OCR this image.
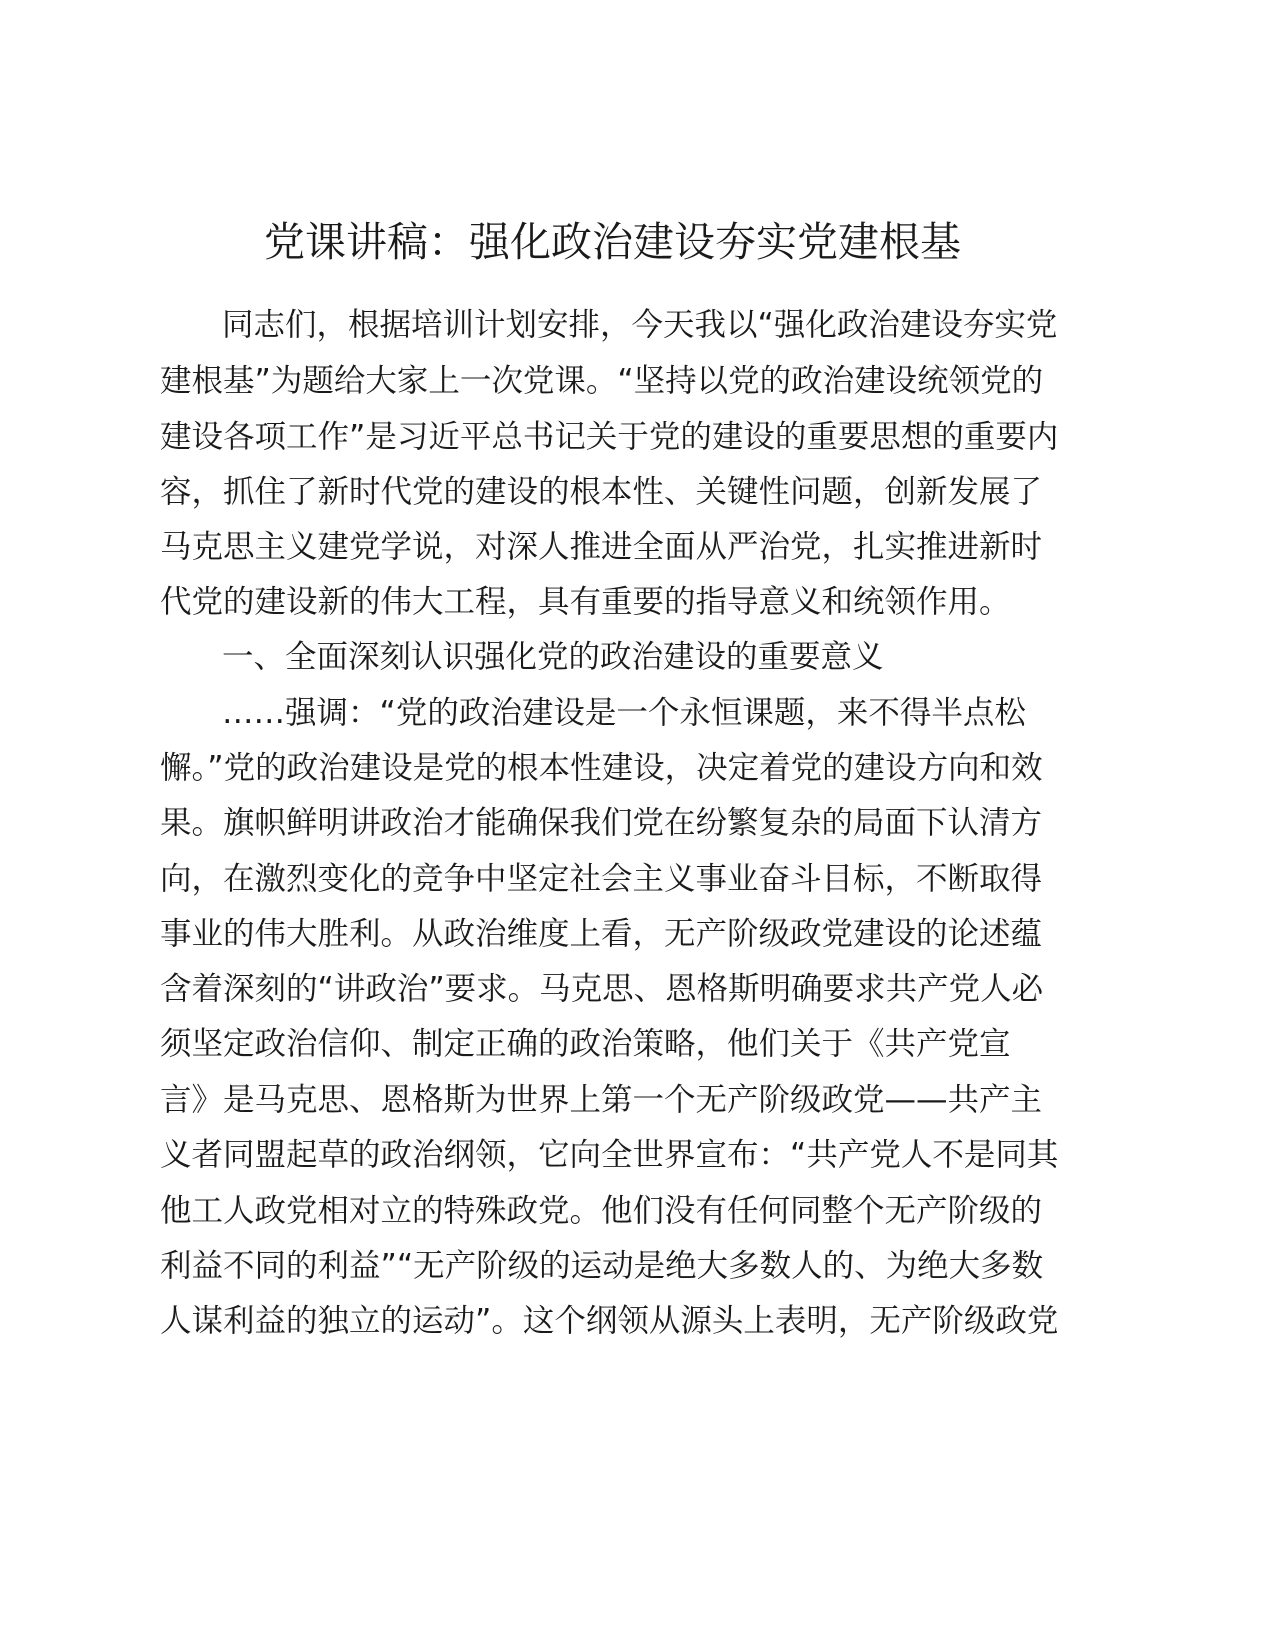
党课讲稿：强化政治建设夯实党建根基
同志们，根据培训计划安排，今天我以“强化政治建设夯实党
建根基”为题给大家上一次党课。“坚持以党的政治建设统领党的
建设各项工作”是习近平总书记关于党的建设的重要思想的重要内
容，抓住了新时代党的建设的根本性、关键性问题，创新发展了
马克思主义建党学说，对深人推进全面从严治党，扎实推进新时
代党的建设新的伟大工程，具有重要的指导意义和统领作用。
一、全面深刻认识强化党的政治建设的重要意义
……强调：“党的政治建设是一个永恒课题，来不得半点松
懈。”党的政治建设是党的根本性建设，决定着党的建设方向和效
果。旗帜鲜明讲政治才能确保我们党在纷繁复杂的局面下认清方
向，在激烈变化的竞争中坚定社会主义事业奋斗目标，不断取得
事业的伟大胜利。从政治维度上看，无产阶级政党建设的论述蕴
含着深刻的“讲政治”要求。马克思、恩格斯明确要求共产党人必
须坚定政治信仰、制定正确的政治策略，他们关于《共产党宣
言》是马克思、恩格斯为世界上第一个无产阶级政党——共产主
义者同盟起草的政治纲领，它向全世界宣布：“共产党人不是同其
他工人政党相对立的特殊政党。他们没有任何同整个无产阶级的
利益不同的利益”“无产阶级的运动是绝大多数人的、为绝大多数
人谋利益的独立的运动”。这个纲领从源头上表明，无产阶级政党
